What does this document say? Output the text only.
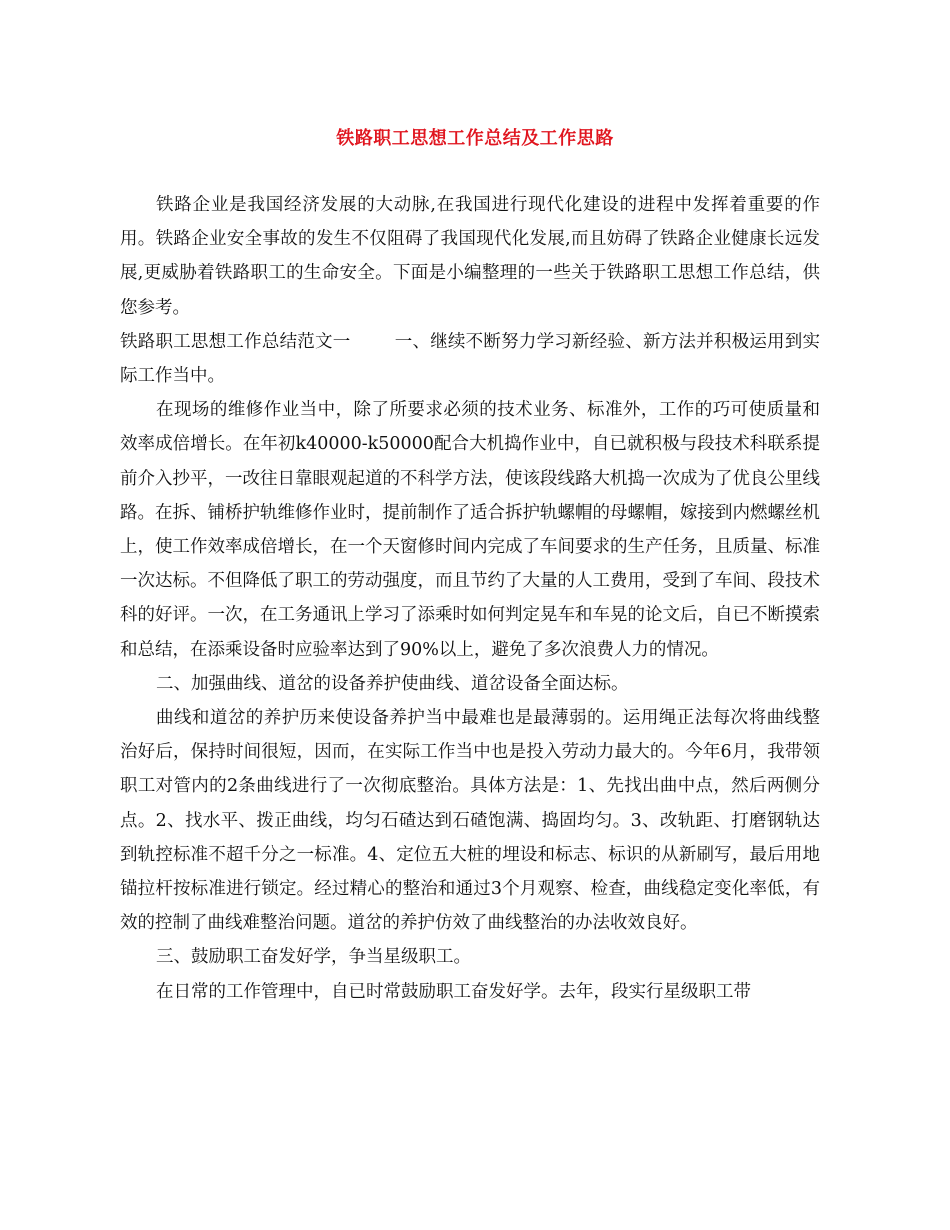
铁路职工思想工作总结及工作思路

铁路企业是我国经济发展的大动脉,在我国进行现代化建设的进程中发挥着重要的作用。铁路企业安全事故的发生不仅阻碍了我国现代化发展,而且妨碍了铁路企业健康长远发展,更威胁着铁路职工的生命安全。下面是小编整理的一些关于铁路职工思想工作总结，供您参考。

铁路职工思想工作总结范文一	一、继续不断努力学习新经验、新方法并积极运用到实际工作当中。

在现场的维修作业当中，除了所要求必须的技术业务、标准外，工作的巧可使质量和效率成倍增长。在年初k40000-k50000配合大机捣作业中，自已就积极与段技术科联系提前介入抄平，一改往日靠眼观起道的不科学方法，使该段线路大机捣一次成为了优良公里线路。在拆、铺桥护轨维修作业时，提前制作了适合拆护轨螺帽的母螺帽，嫁接到内燃螺丝机上，使工作效率成倍增长，在一个天窗修时间内完成了车间要求的生产任务，且质量、标准一次达标。不但降低了职工的劳动强度，而且节约了大量的人工费用，受到了车间、段技术科的好评。一次，在工务通讯上学习了添乘时如何判定晃车和车晃的论文后，自已不断摸索和总结，在添乘设备时应验率达到了90%以上，避免了多次浪费人力的情况。

二、加强曲线、道岔的设备养护使曲线、道岔设备全面达标。

曲线和道岔的养护历来使设备养护当中最难也是最薄弱的。运用绳正法每次将曲线整治好后，保持时间很短，因而，在实际工作当中也是投入劳动力最大的。今年6月，我带领职工对管内的2条曲线进行了一次彻底整治。具体方法是：1、先找出曲中点，然后两侧分点。2、找水平、拨正曲线，均匀石碴达到石碴饱满、捣固均匀。3、改轨距、打磨钢轨达到轨控标准不超千分之一标准。4、定位五大桩的埋设和标志、标识的从新刷写，最后用地锚拉杆按标准进行锁定。经过精心的整治和通过3个月观察、检查，曲线稳定变化率低，有效的控制了曲线难整治问题。道岔的养护仿效了曲线整治的办法收效良好。

三、鼓励职工奋发好学，争当星级职工。

在日常的工作管理中，自已时常鼓励职工奋发好学。去年，段实行星级职工带
